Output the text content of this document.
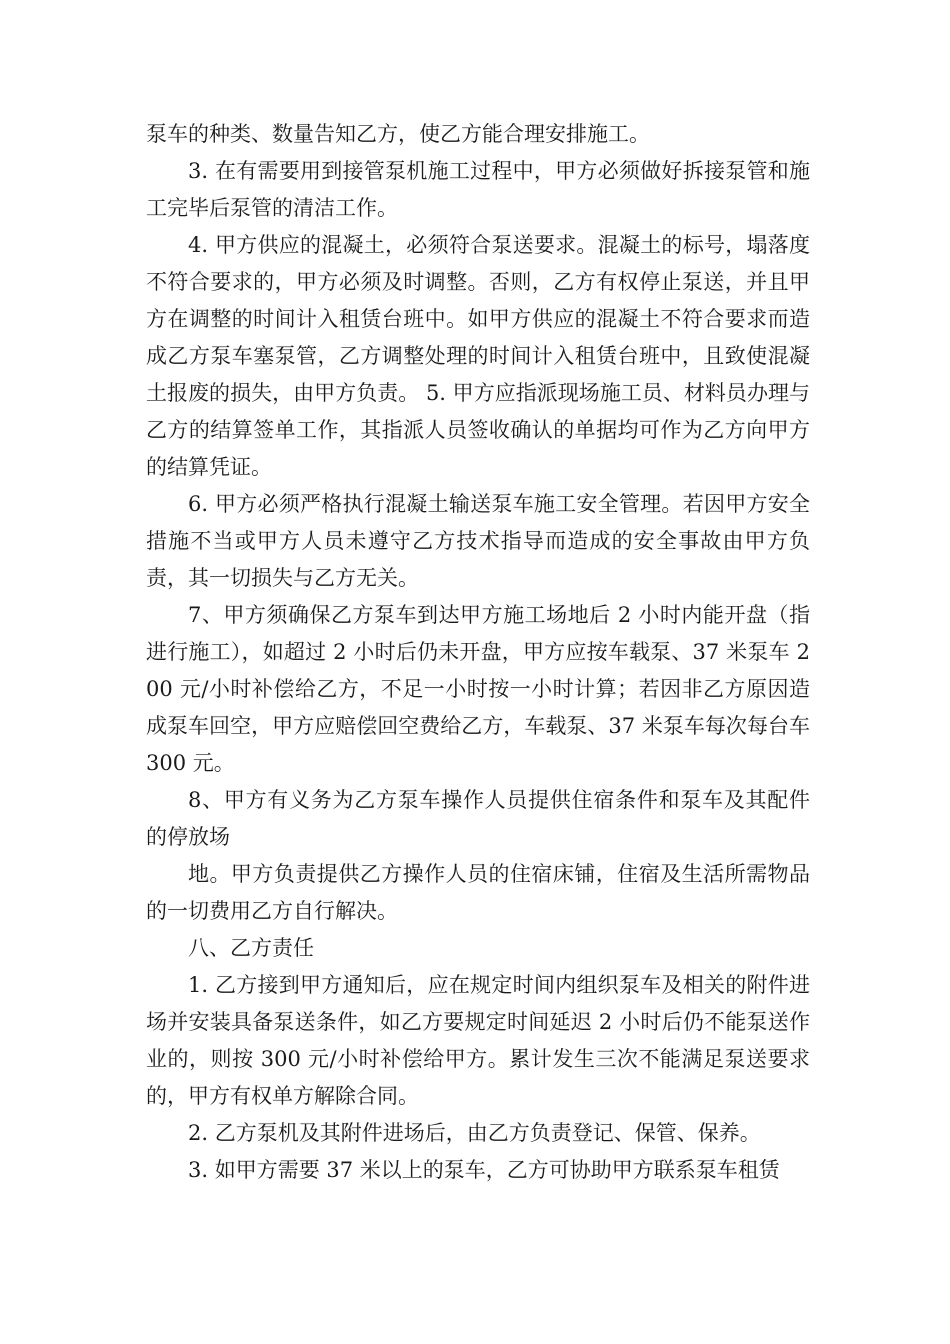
泵车的种类、数量告知乙方，使乙方能合理安排施工。

3. 在有需要用到接管泵机施工过程中，甲方必须做好拆接泵管和施工完毕后泵管的清洁工作。

4. 甲方供应的混凝土，必须符合泵送要求。混凝土的标号，塌落度不符合要求的，甲方必须及时调整。否则，乙方有权停止泵送，并且甲方在调整的时间计入租赁台班中。如甲方供应的混凝土不符合要求而造成乙方泵车塞泵管，乙方调整处理的时间计入租赁台班中，且致使混凝土报废的损失，由甲方负责。 5. 甲方应指派现场施工员、材料员办理与乙方的结算签单工作，其指派人员签收确认的单据均可作为乙方向甲方的结算凭证。

6. 甲方必须严格执行混凝土输送泵车施工安全管理。若因甲方安全措施不当或甲方人员未遵守乙方技术指导而造成的安全事故由甲方负责，其一切损失与乙方无关。

7、甲方须确保乙方泵车到达甲方施工场地后 2 小时内能开盘（指进行施工），如超过 2 小时后仍未开盘，甲方应按车载泵、37 米泵车 200 元/小时补偿给乙方，不足一小时按一小时计算；若因非乙方原因造成泵车回空，甲方应赔偿回空费给乙方，车载泵、37 米泵车每次每台车 300 元。

8、甲方有义务为乙方泵车操作人员提供住宿条件和泵车及其配件的停放场

地。甲方负责提供乙方操作人员的住宿床铺，住宿及生活所需物品的一切费用乙方自行解决。

八、乙方责任

1. 乙方接到甲方通知后，应在规定时间内组织泵车及相关的附件进场并安装具备泵送条件，如乙方要规定时间延迟 2 小时后仍不能泵送作业的，则按 300 元/小时补偿给甲方。累计发生三次不能满足泵送要求的，甲方有权单方解除合同。

2. 乙方泵机及其附件进场后，由乙方负责登记、保管、保养。

3. 如甲方需要 37 米以上的泵车，乙方可协助甲方联系泵车租赁
